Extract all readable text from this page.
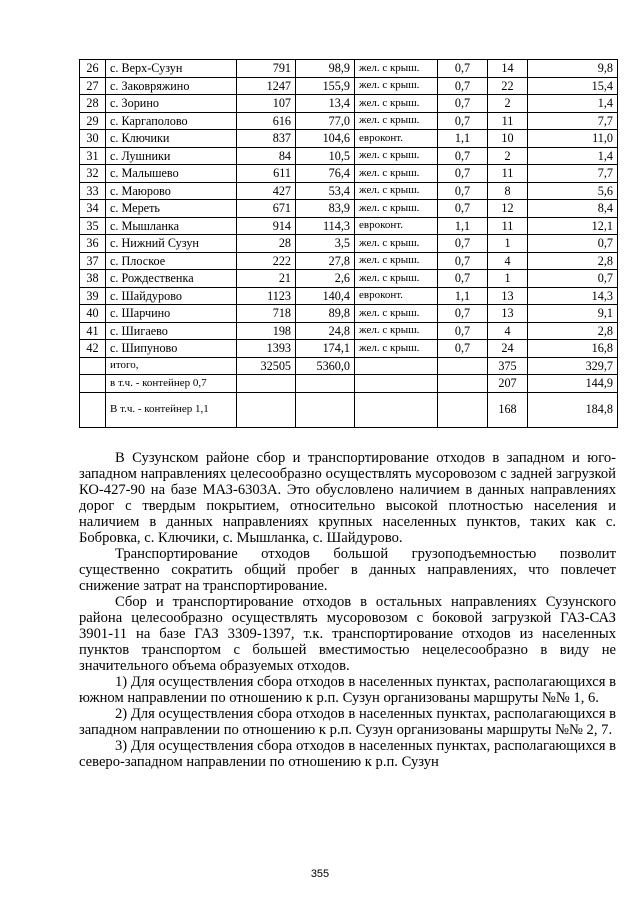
26	с. Верх-Сузун	791	98,9	жел. с крыш.	0,7	14	9,8
27	с. Заковряжино	1247	155,9	жел. с крыш.	0,7	22	15,4
28	с. Зорино	107	13,4	жел. с крыш.	0,7	2	1,4
29	с. Каргаполово	616	77,0	жел. с крыш.	0,7	11	7,7
30	с. Ключики	837	104,6	евроконт.	1,1	10	11,0
31	с. Лушники	84	10,5	жел. с крыш.	0,7	2	1,4
32	с. Малышево	611	76,4	жел. с крыш.	0,7	11	7,7
33	с. Маюрово	427	53,4	жел. с крыш.	0,7	8	5,6
34	с. Мереть	671	83,9	жел. с крыш.	0,7	12	8,4
35	с. Мышланка	914	114,3	евроконт.	1,1	11	12,1
36	с. Нижний Сузун	28	3,5	жел. с крыш.	0,7	1	0,7
37	с. Плоское	222	27,8	жел. с крыш.	0,7	4	2,8
38	с. Рождественка	21	2,6	жел. с крыш.	0,7	1	0,7
39	с. Шайдурово	1123	140,4	евроконт.	1,1	13	14,3
40	с. Шарчино	718	89,8	жел. с крыш.	0,7	13	9,1
41	с. Шигаево	198	24,8	жел. с крыш.	0,7	4	2,8
42	с. Шипуново	1393	174,1	жел. с крыш.	0,7	24	16,8
	итого,	32505	5360,0			375	329,7
	в т.ч. - контейнер 0,7					207	144,9
	В т.ч. - контейнер 1,1					168	184,8

В Сузунском районе сбор и транспортирование отходов в западном и юго-западном направлениях целесообразно осуществлять мусоровозом с задней загрузкой КО-427-90 на базе МАЗ-6303А. Это обусловлено наличием в данных направлениях дорог с твердым покрытием, относительно высокой плотностью населения и наличием в данных направлениях крупных населенных пунктов, таких как с. Бобровка, с. Ключики, с. Мышланка, с. Шайдурово.

Транспортирование отходов большой грузоподъемностью позволит существенно сократить общий пробег в данных направлениях, что повлечет снижение затрат на транспортирование.

Сбор и транспортирование отходов в остальных направлениях Сузунского района целесообразно осуществлять мусоровозом с боковой загрузкой ГАЗ-САЗ 3901-11 на базе ГАЗ 3309-1397, т.к. транспортирование отходов из населенных пунктов транспортом с большей вместимостью нецелесообразно в виду не значительного объема образуемых отходов.

1) Для осуществления сбора отходов в населенных пунктах, располагающихся в южном направлении по отношению к р.п. Сузун организованы маршруты №№ 1, 6.

2) Для осуществления сбора отходов в населенных пунктах, располагающихся в западном направлении по отношению к р.п. Сузун организованы маршруты №№ 2, 7.

3) Для осуществления сбора отходов в населенных пунктах, располагающихся в северо-западном направлении по отношению к р.п. Сузун

355
